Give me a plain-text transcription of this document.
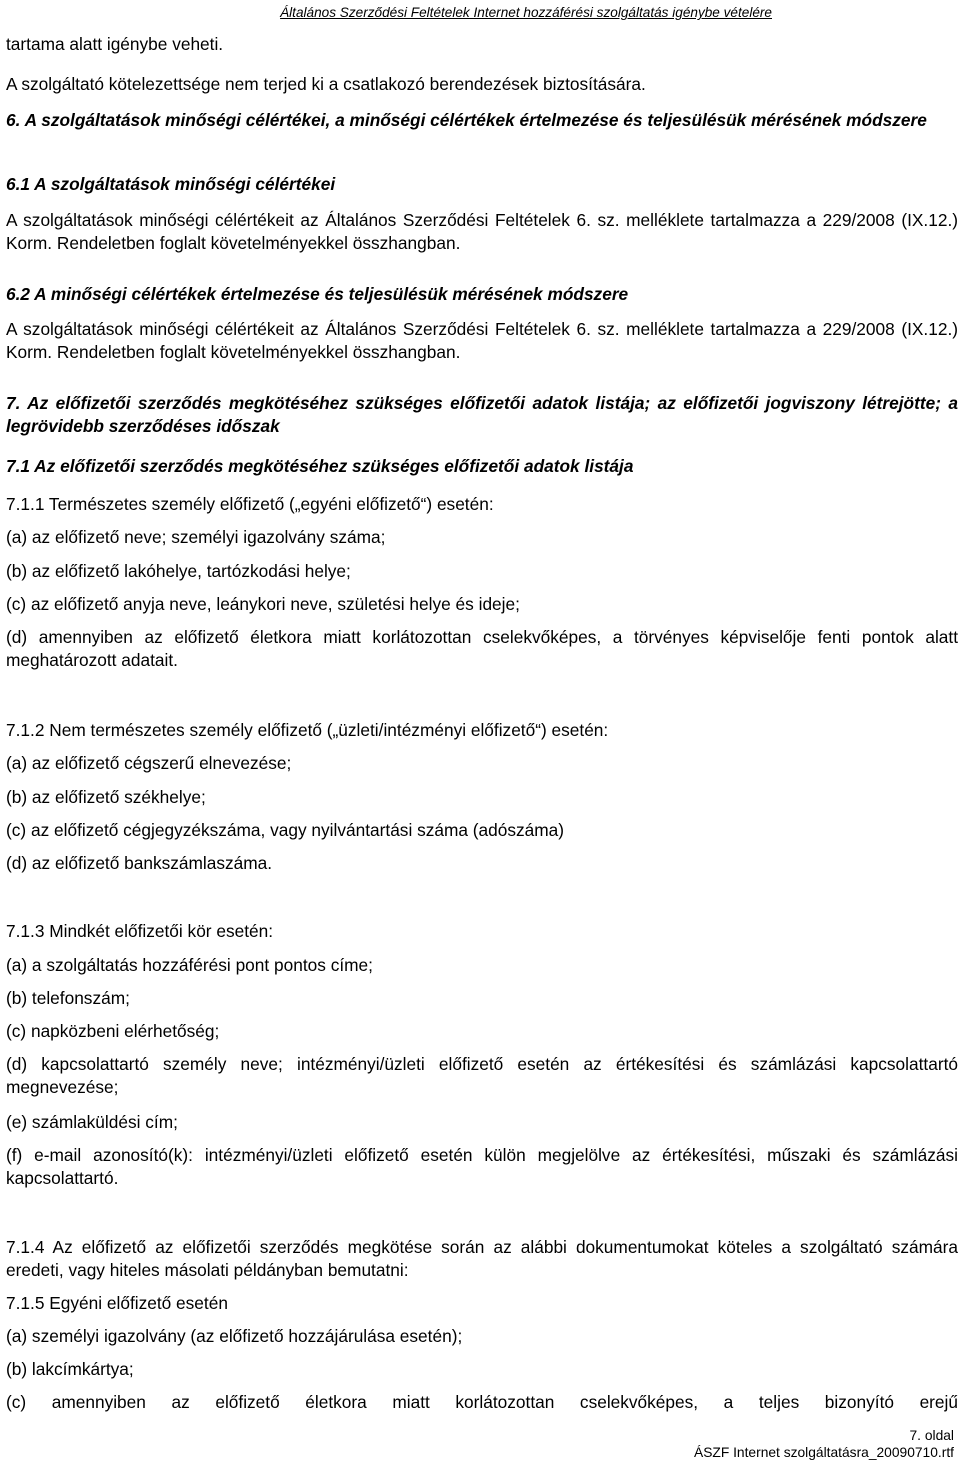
Általános Szerződési Feltételek Internet hozzáférési szolgáltatás igénybe vételére
tartama alatt igénybe veheti.
A szolgáltató kötelezettsége nem terjed ki a csatlakozó berendezések biztosítására.
6. A szolgáltatások minőségi célértékei, a minőségi célértékek értelmezése és teljesülésük mérésének módszere
6.1 A szolgáltatások minőségi célértékei
A szolgáltatások minőségi célértékeit az Általános Szerződési Feltételek 6. sz. melléklete tartalmazza a 229/2008 (IX.12.) Korm. Rendeletben foglalt követelményekkel összhangban.
6.2 A minőségi célértékek értelmezése és teljesülésük mérésének módszere
A szolgáltatások minőségi célértékeit az Általános Szerződési Feltételek 6. sz. melléklete tartalmazza a 229/2008 (IX.12.) Korm. Rendeletben foglalt követelményekkel összhangban.
7. Az előfizetői szerződés megkötéséhez szükséges előfizetői adatok listája; az előfizetői jogviszony létrejötte; a legrövidebb szerződéses időszak
7.1 Az előfizetői szerződés megkötéséhez szükséges előfizetői adatok listája
7.1.1 Természetes személy előfizető („egyéni előfizető“) esetén:
(a) az előfizető neve; személyi igazolvány száma;
(b) az előfizető lakóhelye, tartózkodási helye;
(c) az előfizető anyja neve, leánykori neve, születési helye és ideje;
(d) amennyiben az előfizető életkora miatt korlátozottan cselekvőképes, a törvényes képviselője fenti pontok alatt meghatározott adatait.
7.1.2 Nem természetes személy előfizető („üzleti/intézményi előfizető“) esetén:
(a) az előfizető cégszerű elnevezése;
(b) az előfizető székhelye;
(c) az előfizető cégjegyzékszáma, vagy nyilvántartási száma (adószáma)
(d) az előfizető bankszámlaszáma.
7.1.3 Mindkét előfizetői kör esetén:
(a) a szolgáltatás hozzáférési pont pontos címe;
(b) telefonszám;
(c) napközbeni elérhetőség;
(d) kapcsolattartó személy neve; intézményi/üzleti előfizető esetén az értékesítési és számlázási kapcsolattartó megnevezése;
(e) számlaküldési cím;
(f) e-mail azonosító(k): intézményi/üzleti előfizető esetén külön megjelölve az értékesítési, műszaki és számlázási kapcsolattartó.
7.1.4 Az előfizető az előfizetői szerződés megkötése során az alábbi dokumentumokat köteles a szolgáltató számára eredeti, vagy hiteles másolati példányban bemutatni:
7.1.5 Egyéni előfizető esetén
(a) személyi igazolvány (az előfizető hozzájárulása esetén);
(b) lakcímkártya;
(c) amennyiben az előfizető életkora miatt korlátozottan cselekvőképes, a teljes bizonyító erejű
7. oldal
ÁSZF Internet szolgáltatásra_20090710.rtf
